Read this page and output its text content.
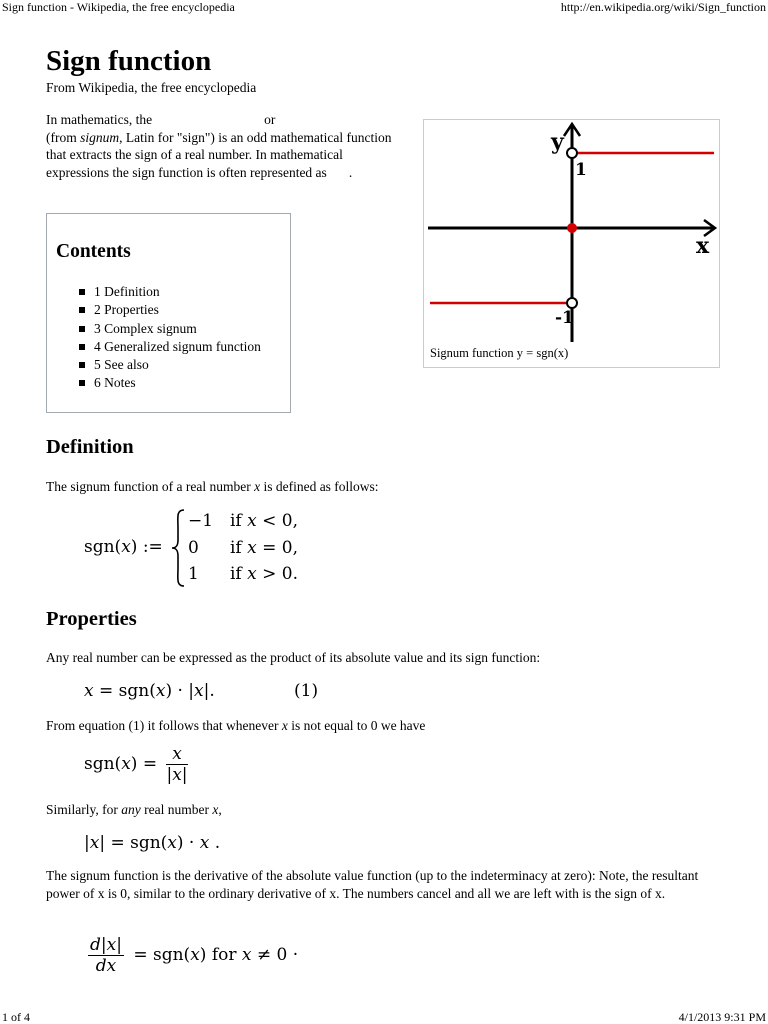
Sign function - Wikipedia, the free encyclopedia	http://en.wikipedia.org/wiki/Sign_function
Sign function
From Wikipedia, the free encyclopedia
In mathematics, the	or
(from signum, Latin for "sign") is an odd mathematical function that extracts the sign of a real number. In mathematical expressions the sign function is often represented as .
Contents
1 Definition
2 Properties
3 Complex signum
4 Generalized signum function
5 See also
6 Notes
y
x
1
-1
Signum function y = sgn(x)
Definition
The signum function of a real number x is defined as follows:
sgn(x) :=
−1 if x < 0,
0 if x = 0,
1 if x > 0.
Properties
Any real number can be expressed as the product of its absolute value and its sign function:
x = sgn(x) · |x|.	(1)
From equation (1) it follows that whenever x is not equal to 0 we have
$sgn(x) = \frac{x}{|x|}$
Similarly, for any real number x,
|x| = sgn(x) · x .
The signum function is the derivative of the absolute value function (up to the indeterminacy at zero): Note, the resultant power of x is 0, similar to the ordinary derivative of x. The numbers cancel and all we are left with is the sign of x.
$\frac{d|x|}{dx} = sgn(x)$ for x ≠ 0 ·
1 of 4	4/1/2013 9:31 PM
